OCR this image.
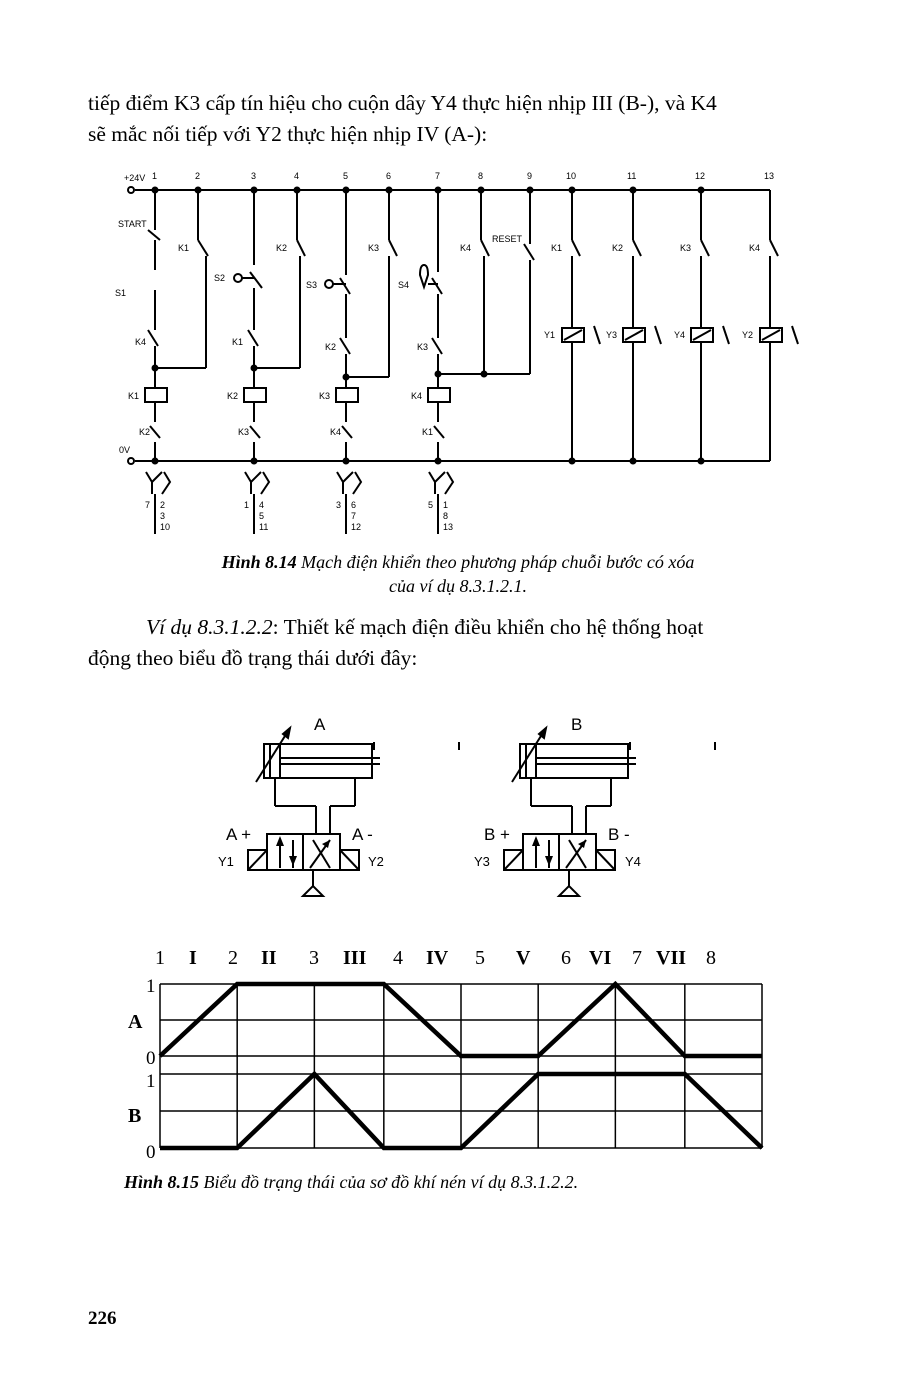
tiếp điểm K3 cấp tín hiệu cho cuộn dây Y4 thực hiện nhịp III (B-), và K4
sẽ mắc nối tiếp với Y2 thực hiện nhịp IV (A-):

+24V
0V
1	2	3	4	5	6	7	8	9	10	11	12	13
START
S1
K4
K1
K2
K1
S2
K1
K2
K3
K2
S3
K2
K3
K4
K3
S4
K3
K4
K1
K4
RESET
K1	K2	K3	K4
Y1	Y3	Y4	Y2
7 2
3
10
1 4
5
11
3 6
7
12
5 1
8
13

Hình 8.14 Mạch điện khiển theo phương pháp chuỗi bước có xóa
của ví dụ 8.3.1.2.1.

Ví dụ 8.3.1.2.2: Thiết kế mạch điện điều khiển cho hệ thống hoạt
động theo biểu đồ trạng thái dưới đây:

A	B
A +	A -	B +	B -
Y1	Y2	Y3	Y4
1	2	3	4	5	6	7	8
I	II	III	IV	V	VI VII
1
0
1
0
A
B

Hình 8.15 Biểu đồ trạng thái của sơ đồ khí nén ví dụ 8.3.1.2.2.

226
